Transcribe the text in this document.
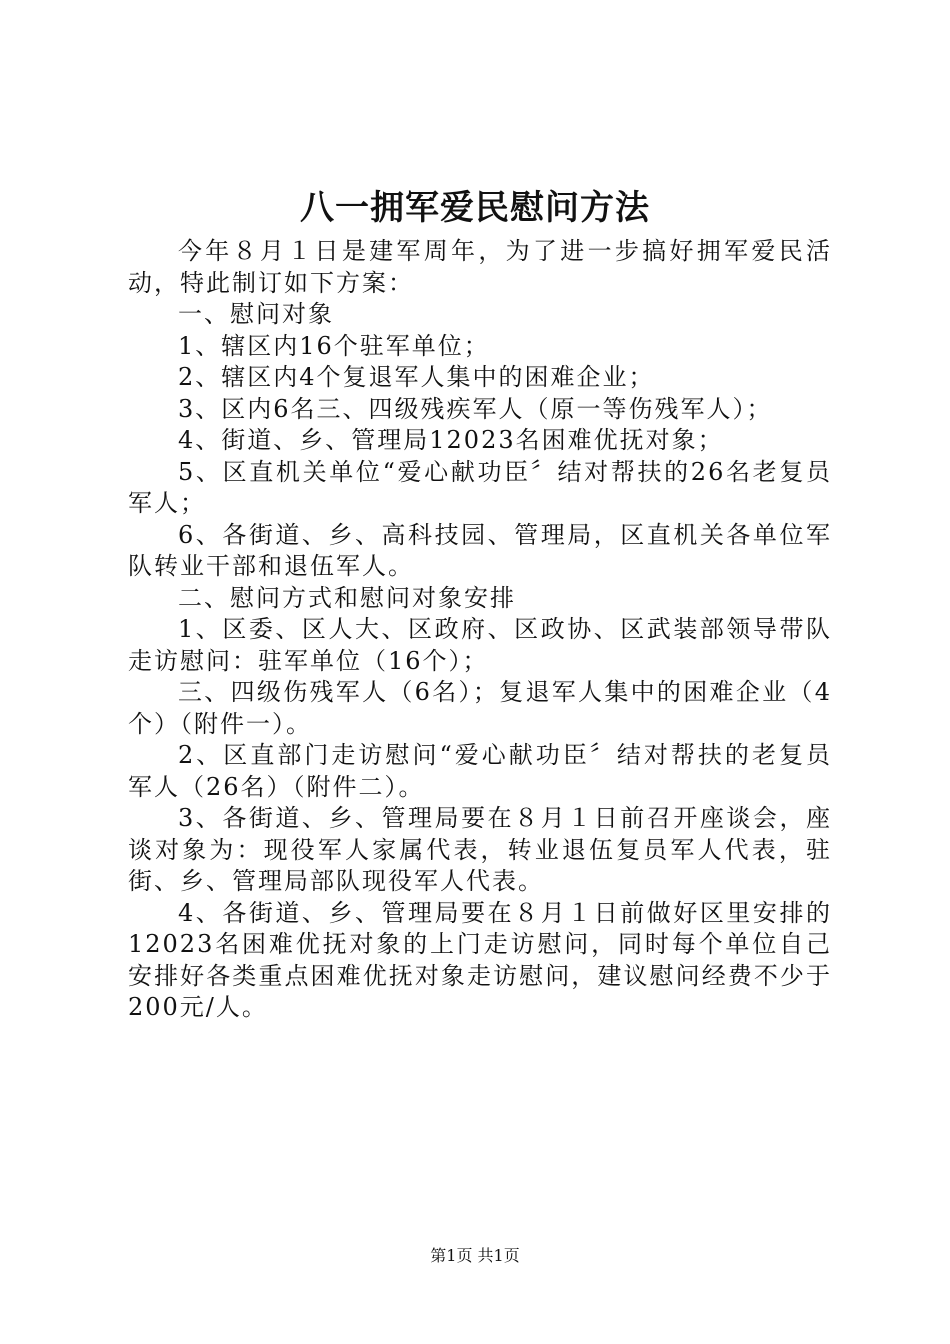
八一拥军爱民慰问方法

今年８月１日是建军周年，为了进一步搞好拥军爱民活动，特此制订如下方案：

一、慰问对象

1、辖区内16个驻军单位；

2、辖区内4个复退军人集中的困难企业；

3、区内6名三、四级残疾军人（原一等伤残军人）；

4、街道、乡、管理局12023名困难优抚对象；

5、区直机关单位“爱心献功臣〞结对帮扶的26名老复员军人；

6、各街道、乡、高科技园、管理局，区直机关各单位军队转业干部和退伍军人。

二、慰问方式和慰问对象安排

1、区委、区人大、区政府、区政协、区武装部领导带队走访慰问：驻军单位（16个）；

三、四级伤残军人（6名）；复退军人集中的困难企业（4个）（附件一）。

2、区直部门走访慰问“爱心献功臣〞结对帮扶的老复员军人（26名）（附件二）。

3、各街道、乡、管理局要在８月１日前召开座谈会，座谈对象为：现役军人家属代表，转业退伍复员军人代表，驻街、乡、管理局部队现役军人代表。

4、各街道、乡、管理局要在８月１日前做好区里安排的12023名困难优抚对象的上门走访慰问，同时每个单位自己安排好各类重点困难优抚对象走访慰问，建议慰问经费不少于200元/人。

第1页 共1页
